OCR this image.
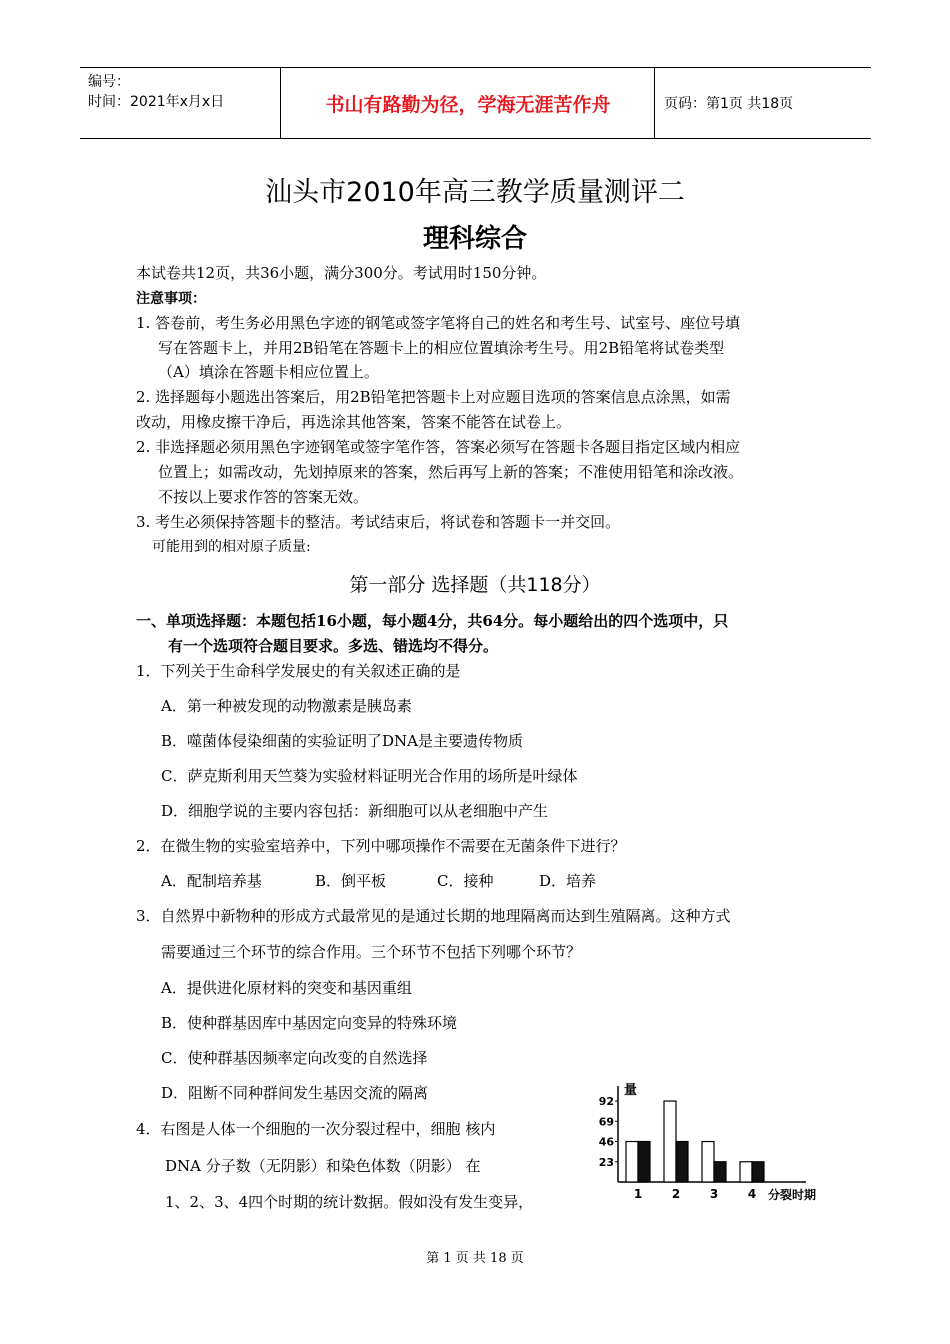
编号：
时间：2021年x月x日	书山有路勤为径，学海无涯苦作舟	页码：第1页 共18页
汕头市2010年高三教学质量测评二
理科综合
本试卷共12页，共36小题，满分300分。考试用时150分钟。
注意事项：
1. 答卷前，考生务必用黑色字迹的钢笔或签字笔将自己的姓名和考生号、试室号、座位号填
写在答题卡上，并用2B铅笔在答题卡上的相应位置填涂考生号。用2B铅笔将试卷类型
（A）填涂在答题卡相应位置上。
2. 选择题每小题选出答案后，用2B铅笔把答题卡上对应题目选项的答案信息点涂黑，如需
改动，用橡皮擦干净后，再选涂其他答案，答案不能答在试卷上。
2. 非选择题必须用黑色字迹钢笔或签字笔作答，答案必须写在答题卡各题目指定区域内相应
位置上；如需改动，先划掉原来的答案，然后再写上新的答案；不准使用铅笔和涂改液。
不按以上要求作答的答案无效。
3. 考生必须保持答题卡的整洁。考试结束后，将试卷和答题卡一并交回。
可能用到的相对原子质量:
第一部分 选择题（共118分）
一、单项选择题：本题包括16小题，每小题4分，共64分。每小题给出的四个选项中，只
有一个选项符合题目要求。多选、错选均不得分。
1．下列关于生命科学发展史的有关叙述正确的是
A．第一种被发现的动物激素是胰岛素
B．噬菌体侵染细菌的实验证明了DNA是主要遗传物质
C．萨克斯利用天竺葵为实验材料证明光合作用的场所是叶绿体
D．细胞学说的主要内容包括：新细胞可以从老细胞中产生
2．在微生物的实验室培养中，下列中哪项操作不需要在无菌条件下进行？
A．配制培养基	B．倒平板	C．接种	D．培养
3．自然界中新物种的形成方式最常见的是通过长期的地理隔离而达到生殖隔离。这种方式
需要通过三个环节的综合作用。三个环节不包括下列哪个环节？
A．提供进化原材料的突变和基因重组
B．使种群基因库中基因定向变异的特殊环境
C．使种群基因频率定向改变的自然选择
D．阻断不同种群间发生基因交流的隔离
4．右图是人体一个细胞的一次分裂过程中，细胞 核内
DNA 分子数（无阴影）和染色体数（阴影） 在
1、2、3、4四个时期的统计数据。假如没有发生变异，
量
92
69
46
23
1 2 3 4 分裂时期
第 1 页 共 18 页
